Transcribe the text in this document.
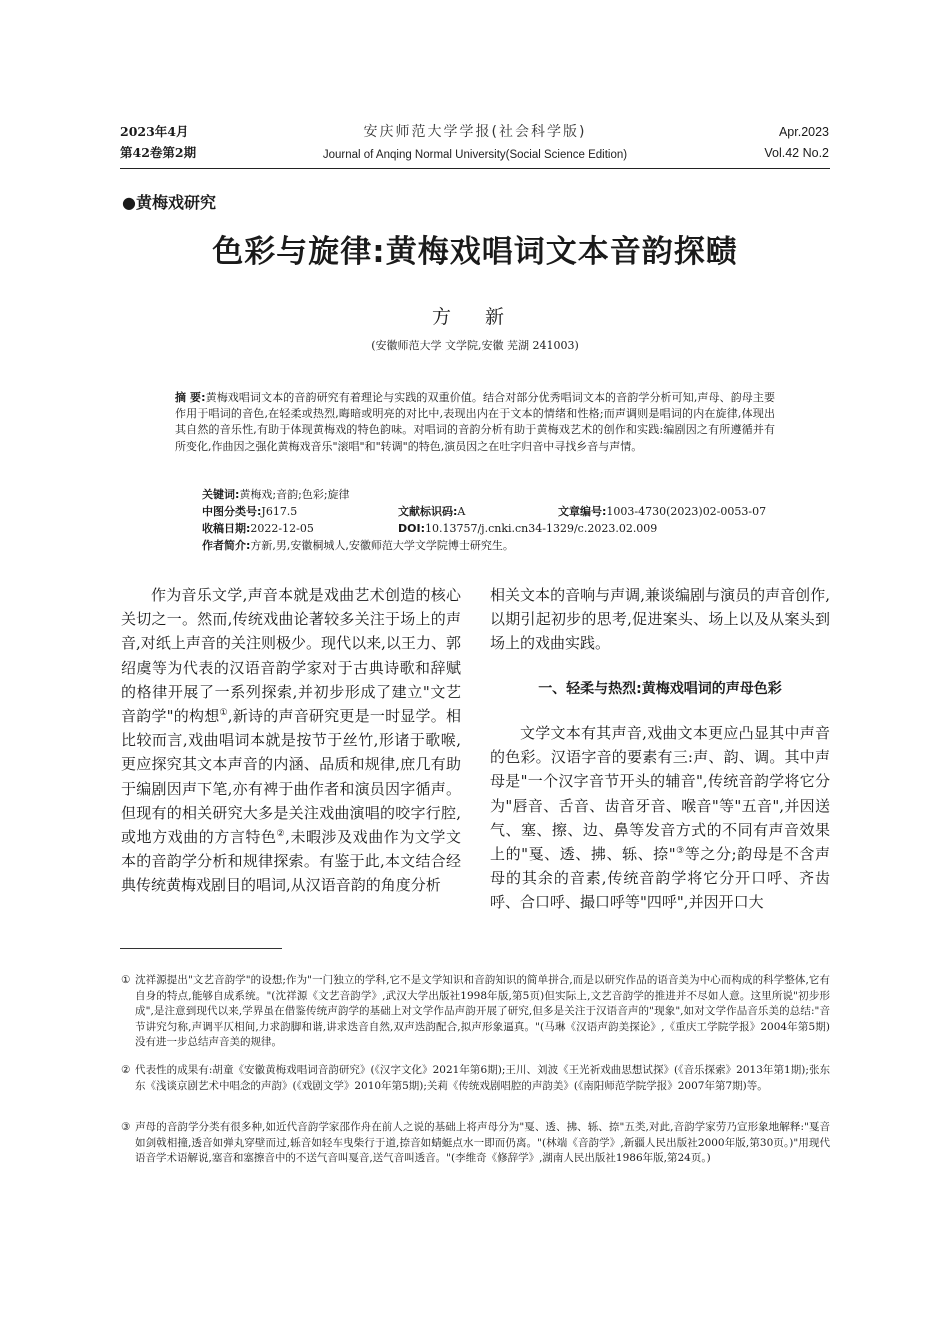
2023年4月
第42卷第2期
安庆师范大学学报(社会科学版)
Journal of Anqing Normal University(Social Science Edition)
Apr.2023
Vol.42 No.2
●黄梅戏研究
色彩与旋律:黄梅戏唱词文本音韵探赜
方 新
(安徽师范大学 文学院,安徽 芜湖 241003)
摘 要:黄梅戏唱词文本的音韵研究有着理论与实践的双重价值。结合对部分优秀唱词文本的音韵学分析可知,声母、韵母主要作用于唱词的音色,在轻柔或热烈,晦暗或明亮的对比中,表现出内在于文本的情绪和性格;而声调则是唱词的内在旋律,体现出其自然的音乐性,有助于体现黄梅戏的特色韵味。对唱词的音韵分析有助于黄梅戏艺术的创作和实践:编剧因之有所遵循并有所变化,作曲因之强化黄梅戏音乐"滚唱"和"转调"的特色,演员因之在吐字归音中寻找乡音与声情。
关键词:黄梅戏;音韵;色彩;旋律
中图分类号:J617.5	文献标识码:A	文章编号:1003-4730(2023)02-0053-07
收稿日期:2022-12-05	DOI:10.13757/j.cnki.cn34-1329/c.2023.02.009
作者简介:方新,男,安徽桐城人,安徽师范大学文学院博士研究生。

作为音乐文学,声音本就是戏曲艺术创造的核心关切之一。然而,传统戏曲论著较多关注于场上的声音,对纸上声音的关注则极少。现代以来,以王力、郭绍虞等为代表的汉语音韵学家对于古典诗歌和辞赋的格律开展了一系列探索,并初步形成了建立"文艺音韵学"的构想①,新诗的声音研究更是一时显学。相比较而言,戏曲唱词本就是按节于丝竹,形诸于歌喉,更应探究其文本声音的内涵、品质和规律,庶几有助于编剧因声下笔,亦有裨于曲作者和演员因字循声。但现有的相关研究大多是关注戏曲演唱的咬字行腔,或地方戏曲的方言特色②,未暇涉及戏曲作为文学文本的音韵学分析和规律探索。有鉴于此,本文结合经典传统黄梅戏剧目的唱词,从汉语音韵的角度分析

相关文本的音响与声调,兼谈编剧与演员的声音创作,以期引起初步的思考,促进案头、场上以及从案头到场上的戏曲实践。

一、轻柔与热烈:黄梅戏唱词的声母色彩

文学文本有其声音,戏曲文本更应凸显其中声音的色彩。汉语字音的要素有三:声、韵、调。其中声母是"一个汉字音节开头的辅音",传统音韵学将它分为"唇音、舌音、齿音牙音、喉音"等"五音",并因送气、塞、擦、边、鼻等发音方式的不同有声音效果上的"戛、透、拂、轹、捺"③等之分;韵母是不含声母的其余的音素,传统音韵学将它分开口呼、齐齿呼、合口呼、撮口呼等"四呼",并因开口大

① 沈祥源提出"文艺音韵学"的设想;作为"一门独立的学科,它不是文学知识和音韵知识的简单拼合,而是以研究作品的语音美为中心而构成的科学整体,它有自身的特点,能够自成系统。"(沈祥源《文艺音韵学》,武汉大学出版社1998年版,第5页)但实际上,文艺音韵学的推进并不尽如人意。这里所说"初步形成",是注意到现代以来,学界虽在借鉴传统声韵学的基础上对文学作品声韵开展了研究,但多是关注于汉语音声的"现象",如对文学作品音乐美的总结:"音节讲究匀称,声调平仄相间,力求韵脚和谐,讲求迭音自然,双声迭韵配合,拟声形象逼真。"(马琳《汉语声韵美探论》,《重庆工学院学报》2004年第5期)没有进一步总结声音美的规律。
② 代表性的成果有:胡童《安徽黄梅戏唱词音韵研究》(《汉字文化》2021年第6期);王川、刘波《王光祈戏曲思想试探》(《音乐探索》2013年第1期);张东东《浅谈京剧艺术中唱念的声韵》(《戏剧文学》2010年第5期);关莉《传统戏剧唱腔的声韵美》(《南阳师范学院学报》2007年第7期)等。
③ 声母的音韵学分类有很多种,如近代音韵学家邵作舟在前人之说的基础上将声母分为"戛、透、拂、轹、捺"五类,对此,音韵学家劳乃宣形象地解释:"戛音如剑戟相撞,透音如弹丸穿壁而过,轹音如轻车曳柴行于道,捺音如蜻蜓点水一即而仍离。"(林端《音韵学》,新疆人民出版社2000年版,第30页。)"用现代语音学术语解说,塞音和塞擦音中的不送气音叫戛音,送气音叫透音。"(李维奇《修辞学》,湖南人民出版社1986年版,第24页。)
